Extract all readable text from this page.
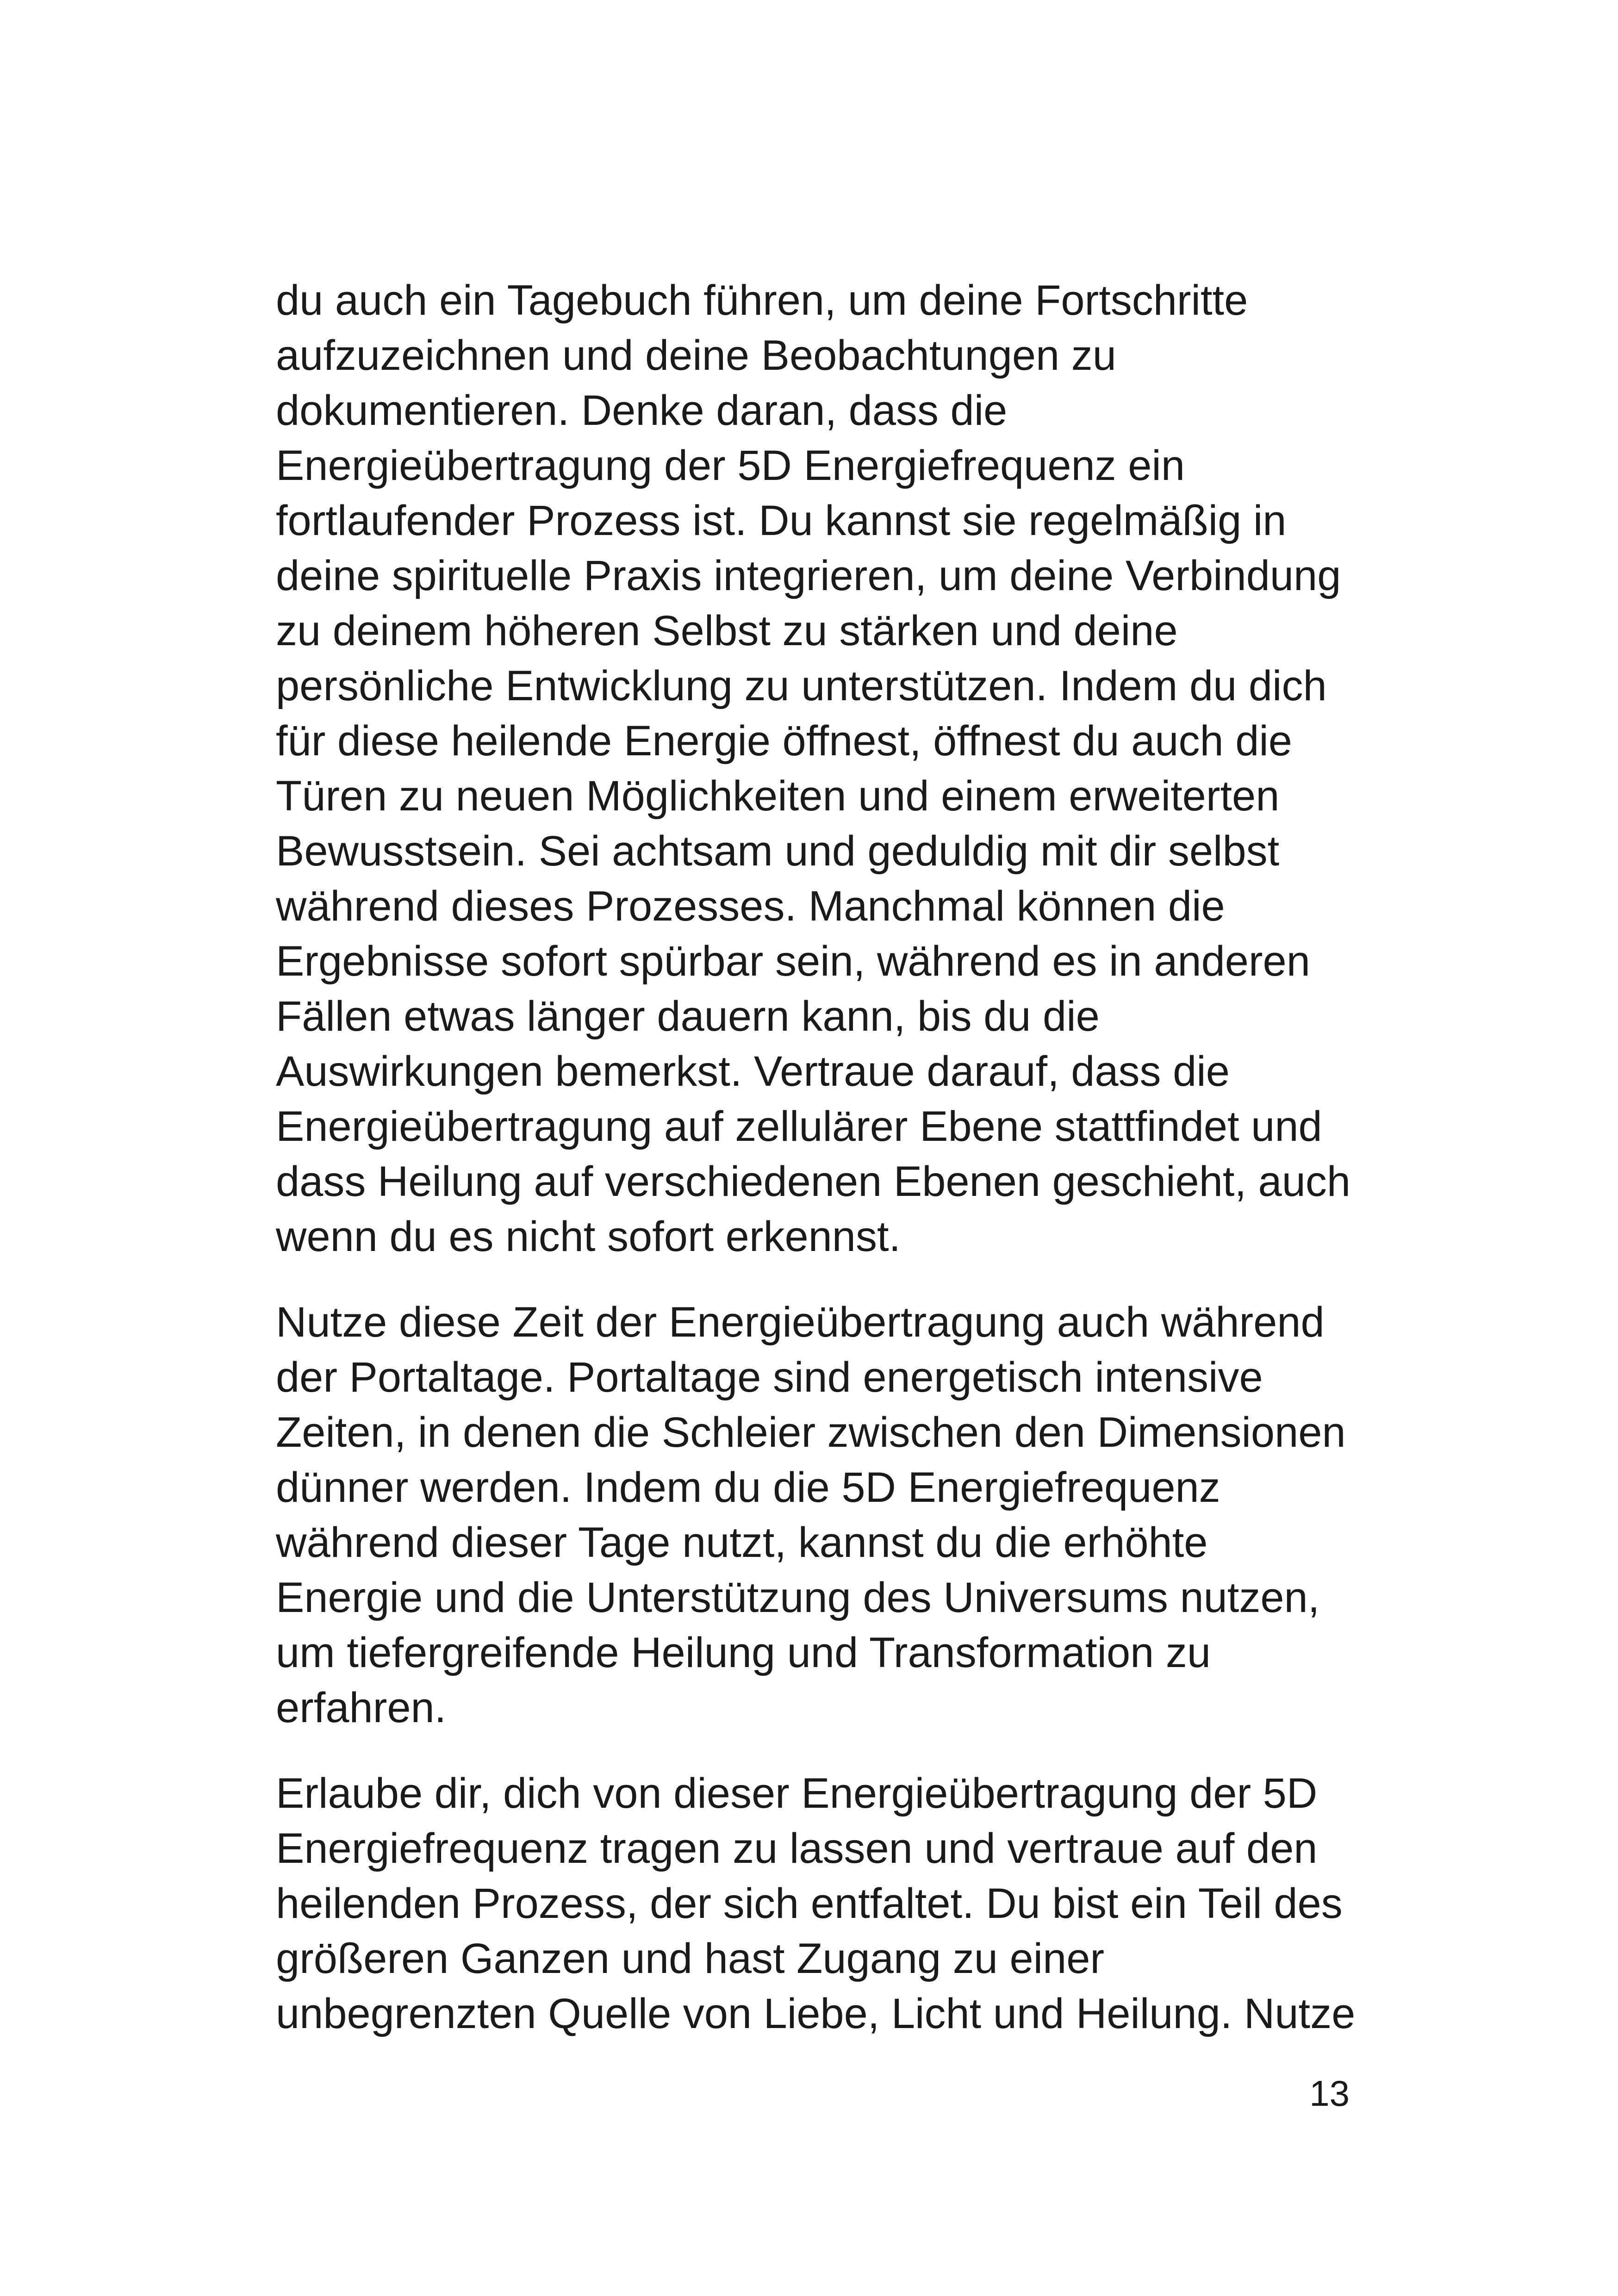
du auch ein Tagebuch führen, um deine Fortschritte
aufzuzeichnen und deine Beobachtungen zu
dokumentieren. Denke daran, dass die
Energieübertragung der 5D Energiefrequenz ein
fortlaufender Prozess ist. Du kannst sie regelmäßig in
deine spirituelle Praxis integrieren, um deine Verbindung
zu deinem höheren Selbst zu stärken und deine
persönliche Entwicklung zu unterstützen. Indem du dich
für diese heilende Energie öffnest, öffnest du auch die
Türen zu neuen Möglichkeiten und einem erweiterten
Bewusstsein. Sei achtsam und geduldig mit dir selbst
während dieses Prozesses. Manchmal können die
Ergebnisse sofort spürbar sein, während es in anderen
Fällen etwas länger dauern kann, bis du die
Auswirkungen bemerkst. Vertraue darauf, dass die
Energieübertragung auf zellulärer Ebene stattfindet und
dass Heilung auf verschiedenen Ebenen geschieht, auch
wenn du es nicht sofort erkennst.

Nutze diese Zeit der Energieübertragung auch während
der Portaltage. Portaltage sind energetisch intensive
Zeiten, in denen die Schleier zwischen den Dimensionen
dünner werden. Indem du die 5D Energiefrequenz
während dieser Tage nutzt, kannst du die erhöhte
Energie und die Unterstützung des Universums nutzen,
um tiefergreifende Heilung und Transformation zu
erfahren.

Erlaube dir, dich von dieser Energieübertragung der 5D
Energiefrequenz tragen zu lassen und vertraue auf den
heilenden Prozess, der sich entfaltet. Du bist ein Teil des
größeren Ganzen und hast Zugang zu einer
unbegrenzten Quelle von Liebe, Licht und Heilung. Nutze

13
